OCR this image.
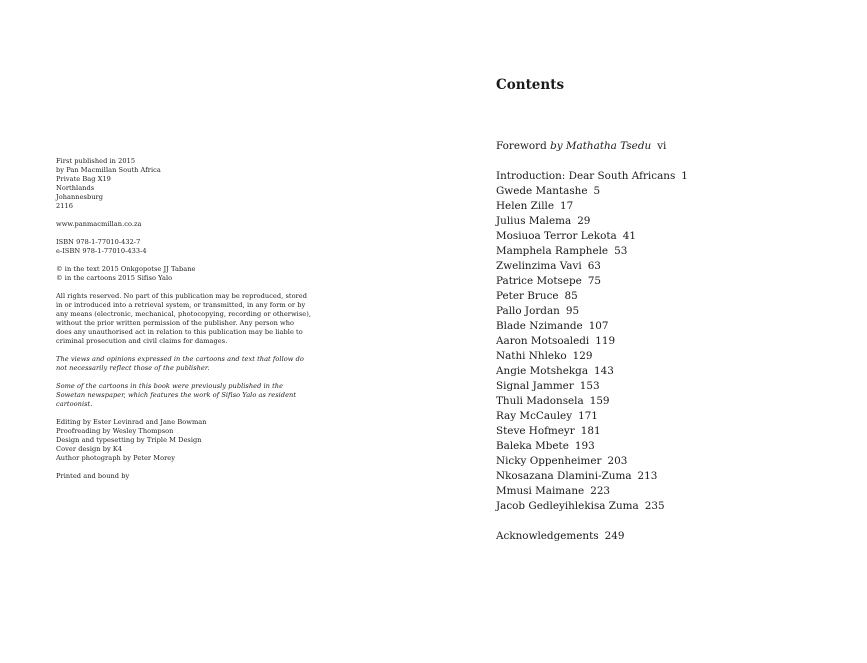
First published in 2015
by Pan Macmillan South Africa
Private Bag X19
Northlands
Johannesburg
2116
www.panmacmillan.co.za
ISBN 978-1-77010-432-7
e-ISBN 978-1-77010-433-4
© in the text 2015 Onkgopotse JJ Tabane
© in the cartoons 2015 Sifiso Yalo
All rights reserved. No part of this publication may be reproduced, stored
in or introduced into a retrieval system, or transmitted, in any form or by
any means (electronic, mechanical, photocopying, recording or otherwise),
without the prior written permission of the publisher. Any person who
does any unauthorised act in relation to this publication may be liable to
criminal prosecution and civil claims for damages.
The views and opinions expressed in the cartoons and text that follow do
not necessarily reflect those of the publisher.
Some of the cartoons in this book were previously published in the
Sowetan newspaper, which features the work of Sifiso Yalo as resident
cartoonist.
Editing by Ester Levinrad and Jane Bowman
Proofreading by Wesley Thompson
Design and typesetting by Triple M Design
Cover design by K4
Author photograph by Peter Morey
Printed and bound by
Contents
Foreword by Mathatha Tsedu vi
Introduction: Dear South Africans 1
Gwede Mantashe 5
Helen Zille 17
Julius Malema 29
Mosiuoa Terror Lekota 41
Mamphela Ramphele 53
Zwelinzima Vavi 63
Patrice Motsepe 75
Peter Bruce 85
Pallo Jordan 95
Blade Nzimande 107
Aaron Motsoaledi 119
Nathi Nhleko 129
Angie Motshekga 143
Signal Jammer 153
Thuli Madonsela 159
Ray McCauley 171
Steve Hofmeyr 181
Baleka Mbete 193
Nicky Oppenheimer 203
Nkosazana Dlamini-Zuma 213
Mmusi Maimane 223
Jacob Gedleyihlekisa Zuma 235
Acknowledgements 249
